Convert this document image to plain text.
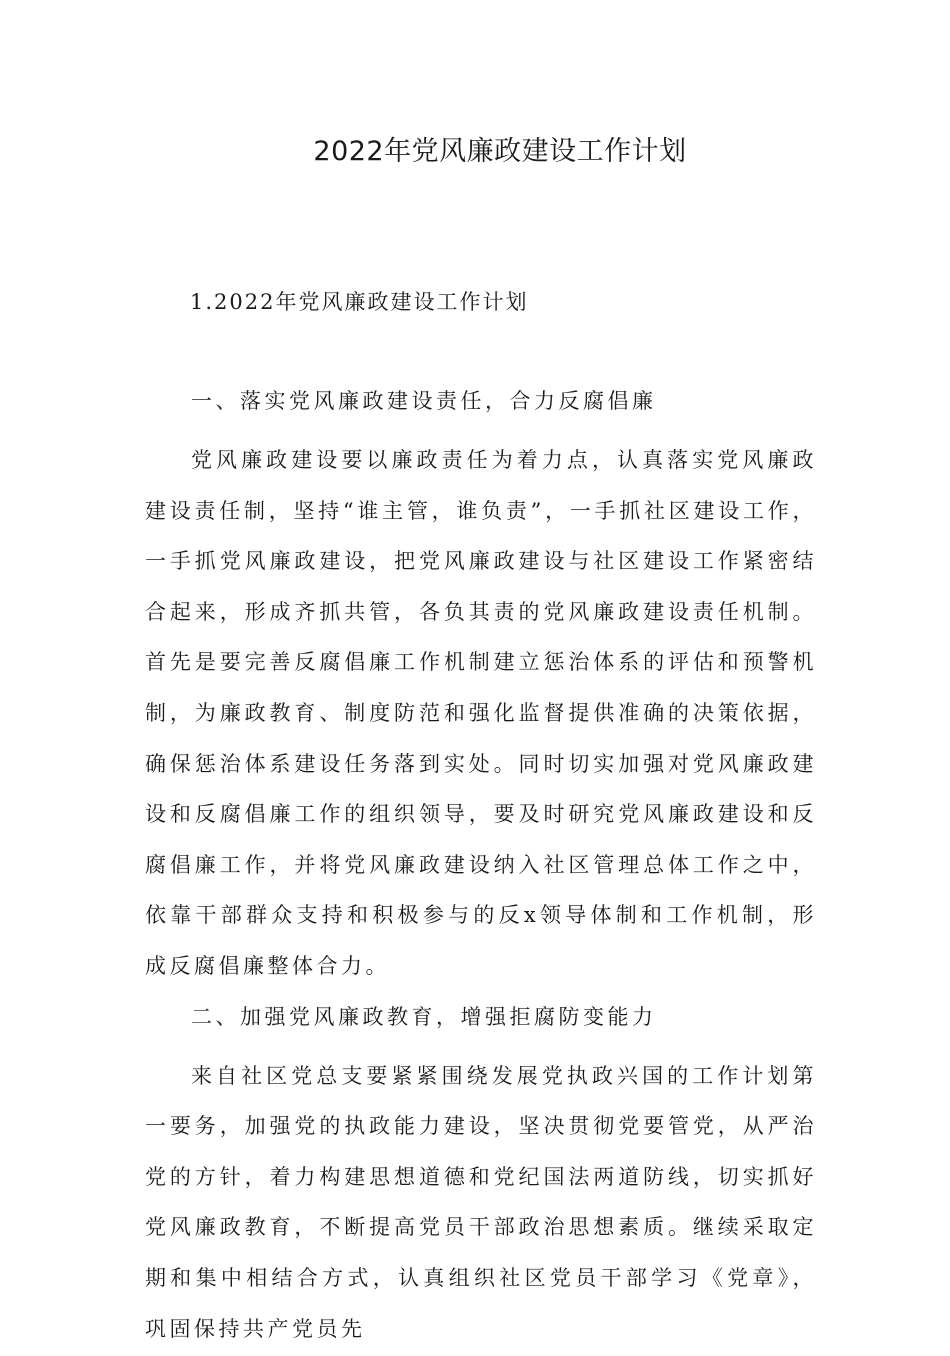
2022年党风廉政建设工作计划
1.2022年党风廉政建设工作计划
一、落实党风廉政建设责任，合力反腐倡廉

党风廉政建设要以廉政责任为着力点，认真落实党风廉政建设责任制，坚持“谁主管，谁负责”，一手抓社区建设工作，一手抓党风廉政建设，把党风廉政建设与社区建设工作紧密结合起来，形成齐抓共管，各负其责的党风廉政建设责任机制。首先是要完善反腐倡廉工作机制建立惩治体系的评估和预警机制，为廉政教育、制度防范和强化监督提供准确的决策依据，确保惩治体系建设任务落到实处。同时切实加强对党风廉政建设和反腐倡廉工作的组织领导，要及时研究党风廉政建设和反腐倡廉工作，并将党风廉政建设纳入社区管理总体工作之中，依靠干部群众支持和积极参与的反x领导体制和工作机制，形成反腐倡廉整体合力。

二、加强党风廉政教育，增强拒腐防变能力

来自社区党总支要紧紧围绕发展党执政兴国的工作计划第一要务，加强党的执政能力建设，坚决贯彻党要管党，从严治党的方针，着力构建思想道德和党纪国法两道防线，切实抓好党风廉政教育，不断提高党员干部政治思想素质。继续采取定期和集中相结合方式，认真组织社区党员干部学习《党章》，巩固保持共产党员先
